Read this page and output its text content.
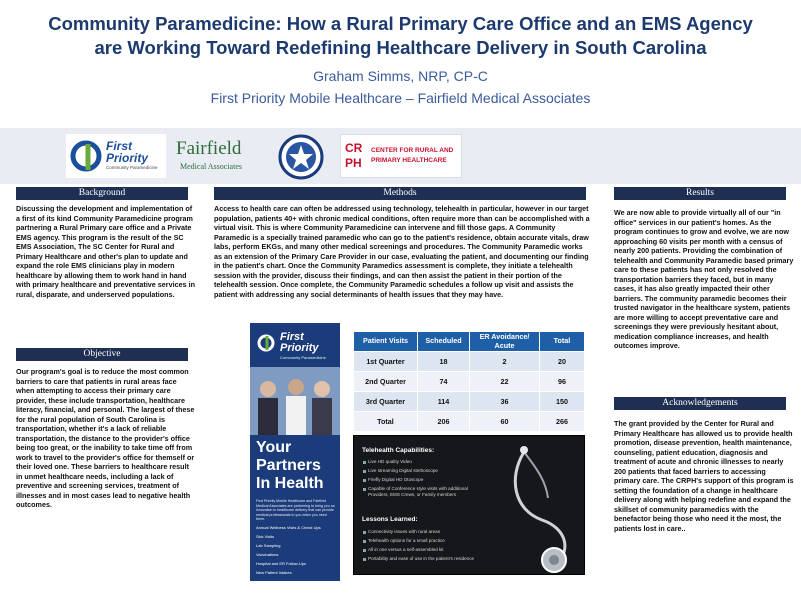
Community Paramedicine: How a Rural Primary Care Office and an EMS Agency
are Working Toward Redefining Healthcare Delivery in South Carolina
Graham Simms, NRP, CP-C
First Priority Mobile Healthcare – Fairfield Medical Associates
First
Priority
Community Paramedicine
Fairfield
Medical Associates
CR PH
CENTER FOR RURAL AND
PRIMARY HEALTHCARE
Background
Discussing the development and implementation of a first of its kind Community Paramedicine program partnering a Rural Primary care office and a Private EMS agency. This program is the result of the SC EMS Association, The SC Center for Rural and Primary Healthcare and other's plan to update and expand the role EMS clinicians play in modern healthcare by allowing them to work hand in hand with primary healthcare and preventative services in rural, disparate, and underserved populations.
Objective
Our program's goal is to reduce the most common barriers to care that patients in rural areas face when attempting to access their primary care provider, these include transportation, healthcare literacy, financial, and personal. The largest of these for the rural population of South Carolina is transportation, whether it's a lack of reliable transportation, the distance to the provider's office being too great, or the inability to take time off from work to travel to the provider's office for themself or their loved one. These barriers to healthcare result in unmet healthcare needs, including a lack of preventive and screening services, treatment of illnesses and in most cases lead to negative health outcomes.
Methods
Access to health care can often be addressed using technology, telehealth in particular, however in our target population, patients 40+ with chronic medical conditions, often require more than can be accomplished with a virtual visit. This is where Community Paramedicine can intervene and fill those gaps. A Community Paramedic is a specially trained paramedic who can go to the patient's residence, obtain accurate vitals, draw labs, perform EKGs, and many other medical screenings and procedures. The Community Paramedic works as an extension of the Primary Care Provider in our case, evaluating the patient, and documenting our finding in the patient's chart. Once the Community Paramedics assessment is complete, they initiate a telehealth session with the provider, discuss their findings, and can then assist the patient in their portion of the telehealth session. Once complete, the Community Paramedic schedules a follow up visit and assists the patient with addressing any social determinants of health issues that they may have.
First
Priority
Community Paramedicine
Your
Partners
In Health
First Priority Mobile Healthcare and Fairfield Medical Associates are partnering to bring you an innovation in healthcare delivery that can provide medical professionals to you when you need them.
Annual Wellness Visits & Check Ups
Sick Visits
Lab Sampling
Vaccinations
Hospital and ER Follow-Ups
New Patient Intakes
Patient Visits	Scheduled	ER Avoidance/ Acute	Total
1st Quarter	18	2	20
2nd Quarter	74	22	96
3rd Quarter	114	36	150
Total	206	60	266
Telehealth Capabilities:
Live HD quality Video
Live streaming Digital stethoscope
Firefly Digital HD Otoscope
Capable of Conference style visits with additional Providers, EMS Crews, or Family members
Lessons Learned:
Connectivity issues with rural areas
Telehealth options for a small practice
All in one versus a self-assembled kit
Portability and ease of use in the patient's residence
Results
We are now able to provide virtually all of our "in office" services in our patient's homes. As the program continues to grow and evolve, we are now approaching 60 visits per month with a census of nearly 200 patients. Providing the combination of telehealth and Community Paramedic based primary care to these patients has not only resolved the transportation barriers they faced, but in many cases, it has also greatly impacted their other barriers. The community paramedic becomes their trusted navigator in the healthcare system, patients are more willing to accept preventative care and screenings they were previously hesitant about, medication compliance increases, and health outcomes improve.
Acknowledgements
The grant provided by the Center for Rural and Primary Healthcare has allowed us to provide health promotion, disease prevention, health maintenance, counseling, patient education, diagnosis and treatment of acute and chronic illnesses to nearly 200 patients that faced barriers to accessing primary care. The CRPH's support of this program is setting the foundation of a change in healthcare delivery along with helping redefine and expand the skillset of community paramedics with the benefactor being those who need it the most, the patients lost in care..
